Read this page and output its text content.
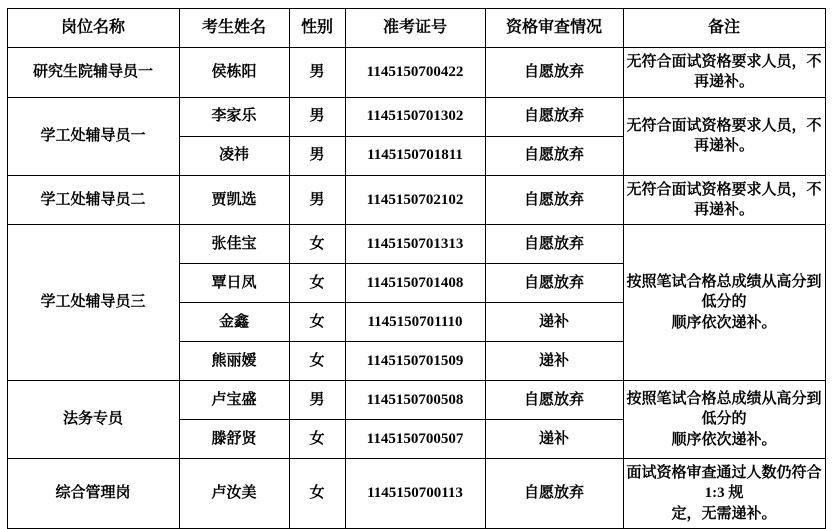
岗位名称	考生姓名	性别	准考证号	资格审查情况	备注
研究生院辅导员一	侯栋阳	男	1145150700422	自愿放弃	无符合面试资格要求人员，不再递补。

学工处辅导员一	李家乐	男	1145150701302	自愿放弃	无符合面试资格要求人员，不再递补。

	凌祎	男	1145150701811	自愿放弃	
学工处辅导员二	贾凯选	男	1145150702102	自愿放弃	无符合面试资格要求人员，不再递补。

学工处辅导员三	张佳宝	女	1145150701313	自愿放弃	按照笔试合格总成绩从高分到低分的
顺序依次递补。

	覃日凤	女	1145150701408	自愿放弃	
	金鑫	女	1145150701110	递补	
	熊丽嫒	女	1145150701509	递补	
法务专员	卢宝盛	男	1145150700508	自愿放弃	按照笔试合格总成绩从高分到低分的
顺序依次递补。

	滕舒贤	女	1145150700507	递补	
综合管理岗	卢汝美	女	1145150700113	自愿放弃	面试资格审查通过人数仍符合 1:3 规
定，无需递补。
